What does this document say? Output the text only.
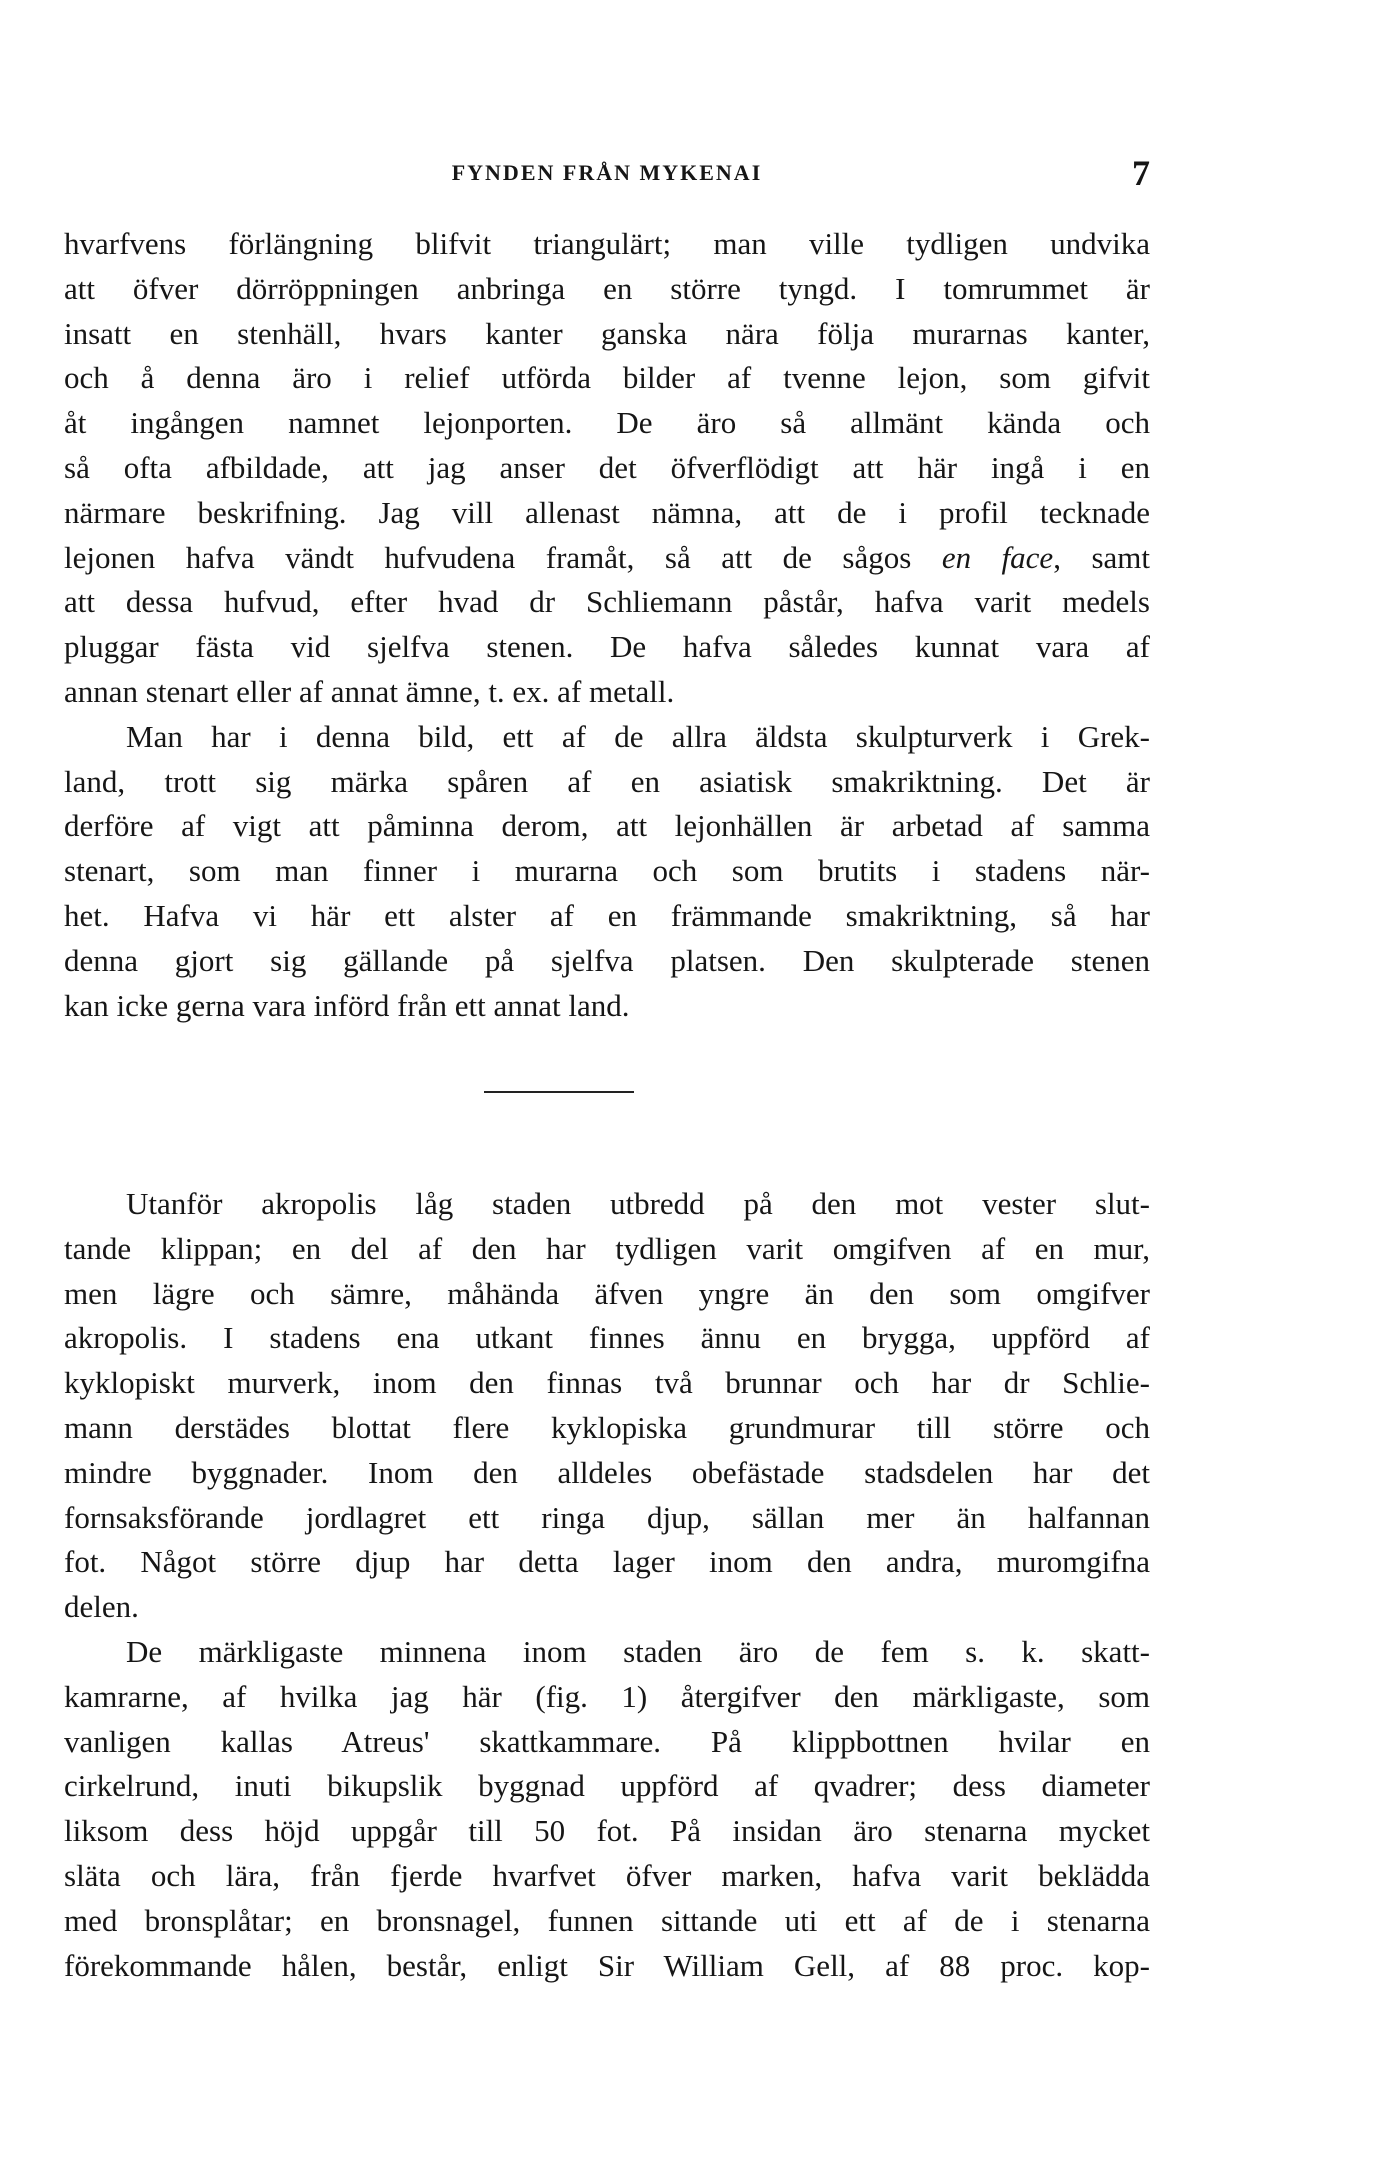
FYNDEN FRÅN MYKENAI	7
hvarfvens förlängning blifvit triangulärt; man ville tydligen undvika
att öfver dörröppningen anbringa en större tyngd. I tomrummet är
insatt en stenhäll, hvars kanter ganska nära följa murarnas kanter,
och å denna äro i relief utförda bilder af tvenne lejon, som gifvit
åt ingången namnet lejonporten. De äro så allmänt kända och
så ofta afbildade, att jag anser det öfverflödigt att här ingå i en
närmare beskrifning. Jag vill allenast nämna, att de i profil tecknade
lejonen hafva vändt hufvudena framåt, så att de sågos en face, samt
att dessa hufvud, efter hvad dr Schliemann påstår, hafva varit medels
pluggar fästa vid sjelfva stenen. De hafva således kunnat vara af
annan stenart eller af annat ämne, t. ex. af metall.
Man har i denna bild, ett af de allra äldsta skulpturverk i Grek-
land, trott sig märka spåren af en asiatisk smakriktning. Det är
derföre af vigt att påminna derom, att lejonhällen är arbetad af samma
stenart, som man finner i murarna och som brutits i stadens när-
het. Hafva vi här ett alster af en främmande smakriktning, så har
denna gjort sig gällande på sjelfva platsen. Den skulpterade stenen
kan icke gerna vara införd från ett annat land.
Utanför akropolis låg staden utbredd på den mot vester slut-
tande klippan; en del af den har tydligen varit omgifven af en mur,
men lägre och sämre, måhända äfven yngre än den som omgifver
akropolis. I stadens ena utkant finnes ännu en brygga, uppförd af
kyklopiskt murverk, inom den finnas två brunnar och har dr Schlie-
mann derstädes blottat flere kyklopiska grundmurar till större och
mindre byggnader. Inom den alldeles obefästade stadsdelen har det
fornsaksförande jordlagret ett ringa djup, sällan mer än halfannan
fot. Något större djup har detta lager inom den andra, muromgifna
delen.
De märkligaste minnena inom staden äro de fem s. k. skatt-
kamrarne, af hvilka jag här (fig. 1) återgifver den märkligaste, som
vanligen kallas Atreus' skattkammare. På klippbottnen hvilar en
cirkelrund, inuti bikupslik byggnad uppförd af qvadrer; dess diameter
liksom dess höjd uppgår till 50 fot. På insidan äro stenarna mycket
släta och lära, från fjerde hvarfvet öfver marken, hafva varit beklädda
med bronsplåtar; en bronsnagel, funnen sittande uti ett af de i stenarna
förekommande hålen, består, enligt Sir William Gell, af 88 proc. kop-
